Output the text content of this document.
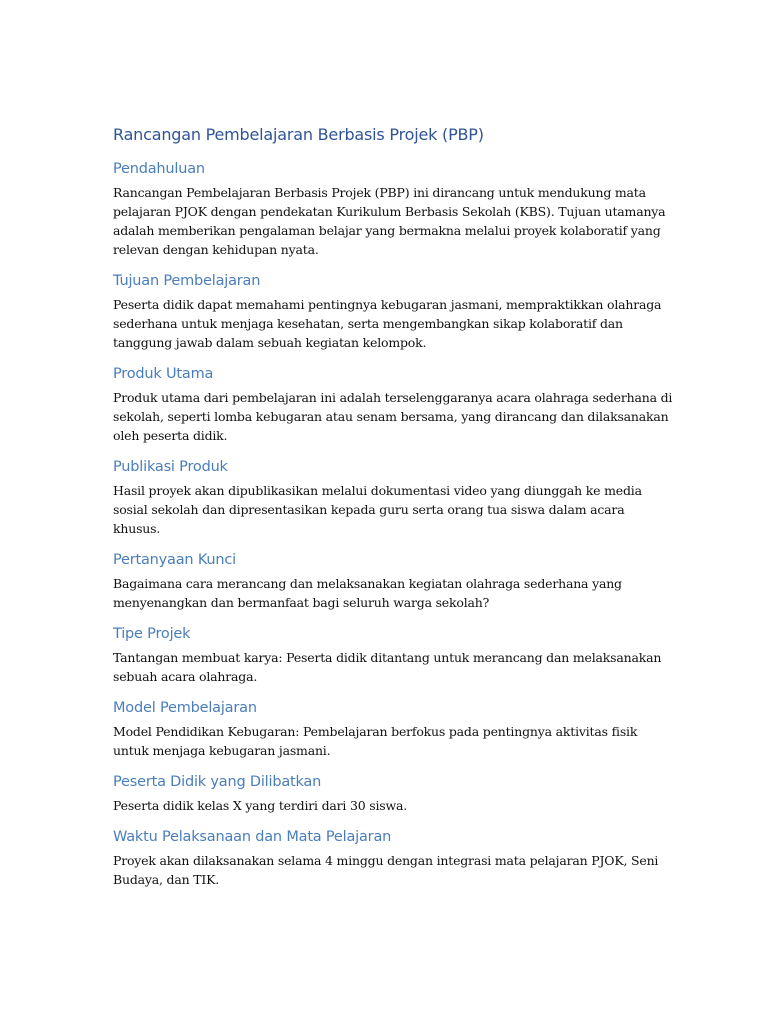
Rancangan Pembelajaran Berbasis Projek (PBP)
Pendahuluan

Rancangan Pembelajaran Berbasis Projek (PBP) ini dirancang untuk mendukung mata pelajaran PJOK dengan pendekatan Kurikulum Berbasis Sekolah (KBS). Tujuan utamanya adalah memberikan pengalaman belajar yang bermakna melalui proyek kolaboratif yang relevan dengan kehidupan nyata.

Tujuan Pembelajaran

Peserta didik dapat memahami pentingnya kebugaran jasmani, mempraktikkan olahraga sederhana untuk menjaga kesehatan, serta mengembangkan sikap kolaboratif dan tanggung jawab dalam sebuah kegiatan kelompok.

Produk Utama

Produk utama dari pembelajaran ini adalah terselenggaranya acara olahraga sederhana di sekolah, seperti lomba kebugaran atau senam bersama, yang dirancang dan dilaksanakan oleh peserta didik.

Publikasi Produk

Hasil proyek akan dipublikasikan melalui dokumentasi video yang diunggah ke media sosial sekolah dan dipresentasikan kepada guru serta orang tua siswa dalam acara khusus.

Pertanyaan Kunci

Bagaimana cara merancang dan melaksanakan kegiatan olahraga sederhana yang menyenangkan dan bermanfaat bagi seluruh warga sekolah?

Tipe Projek

Tantangan membuat karya: Peserta didik ditantang untuk merancang dan melaksanakan sebuah acara olahraga.

Model Pembelajaran

Model Pendidikan Kebugaran: Pembelajaran berfokus pada pentingnya aktivitas fisik untuk menjaga kebugaran jasmani.

Peserta Didik yang Dilibatkan

Peserta didik kelas X yang terdiri dari 30 siswa.

Waktu Pelaksanaan dan Mata Pelajaran

Proyek akan dilaksanakan selama 4 minggu dengan integrasi mata pelajaran PJOK, Seni Budaya, dan TIK.
